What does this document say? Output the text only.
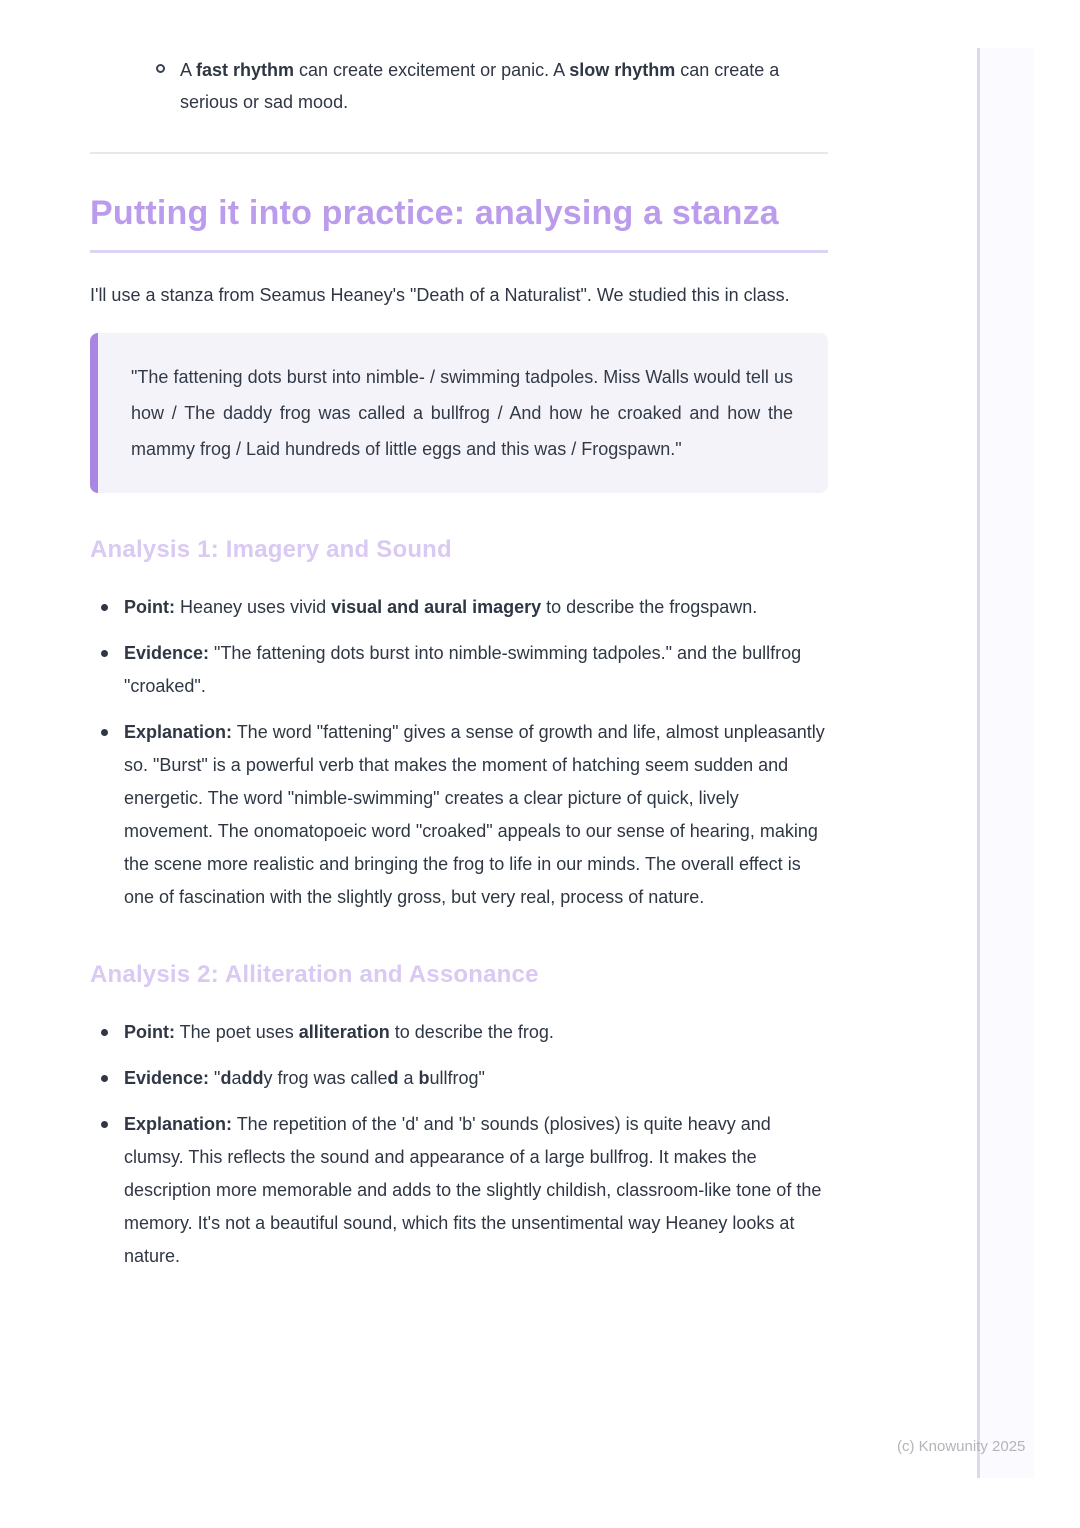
A fast rhythm can create excitement or panic. A slow rhythm can create a serious or sad mood.
Putting it into practice: analysing a stanza

I'll use a stanza from Seamus Heaney's "Death of a Naturalist". We studied this in class.

"The fattening dots burst into nimble- / swimming tadpoles. Miss Walls would tell us how / The daddy frog was called a bullfrog / And how he croaked and how the mammy frog / Laid hundreds of little eggs and this was / Frogspawn."

Analysis 1: Imagery and Sound
Point: Heaney uses vivid visual and aural imagery to describe the frogspawn.
Evidence: "The fattening dots burst into nimble-swimming tadpoles." and the bullfrog "croaked".
Explanation: The word "fattening" gives a sense of growth and life, almost unpleasantly so. "Burst" is a powerful verb that makes the moment of hatching seem sudden and energetic. The word "nimble-swimming" creates a clear picture of quick, lively movement. The onomatopoeic word "croaked" appeals to our sense of hearing, making the scene more realistic and bringing the frog to life in our minds. The overall effect is one of fascination with the slightly gross, but very real, process of nature.
Analysis 2: Alliteration and Assonance
Point: The poet uses alliteration to describe the frog.
Evidence: "daddy frog was called a bullfrog"
Explanation: The repetition of the 'd' and 'b' sounds (plosives) is quite heavy and clumsy. This reflects the sound and appearance of a large bullfrog. It makes the description more memorable and adds to the slightly childish, classroom-like tone of the memory. It's not a beautiful sound, which fits the unsentimental way Heaney looks at nature.
(c) Knowunity 2025
